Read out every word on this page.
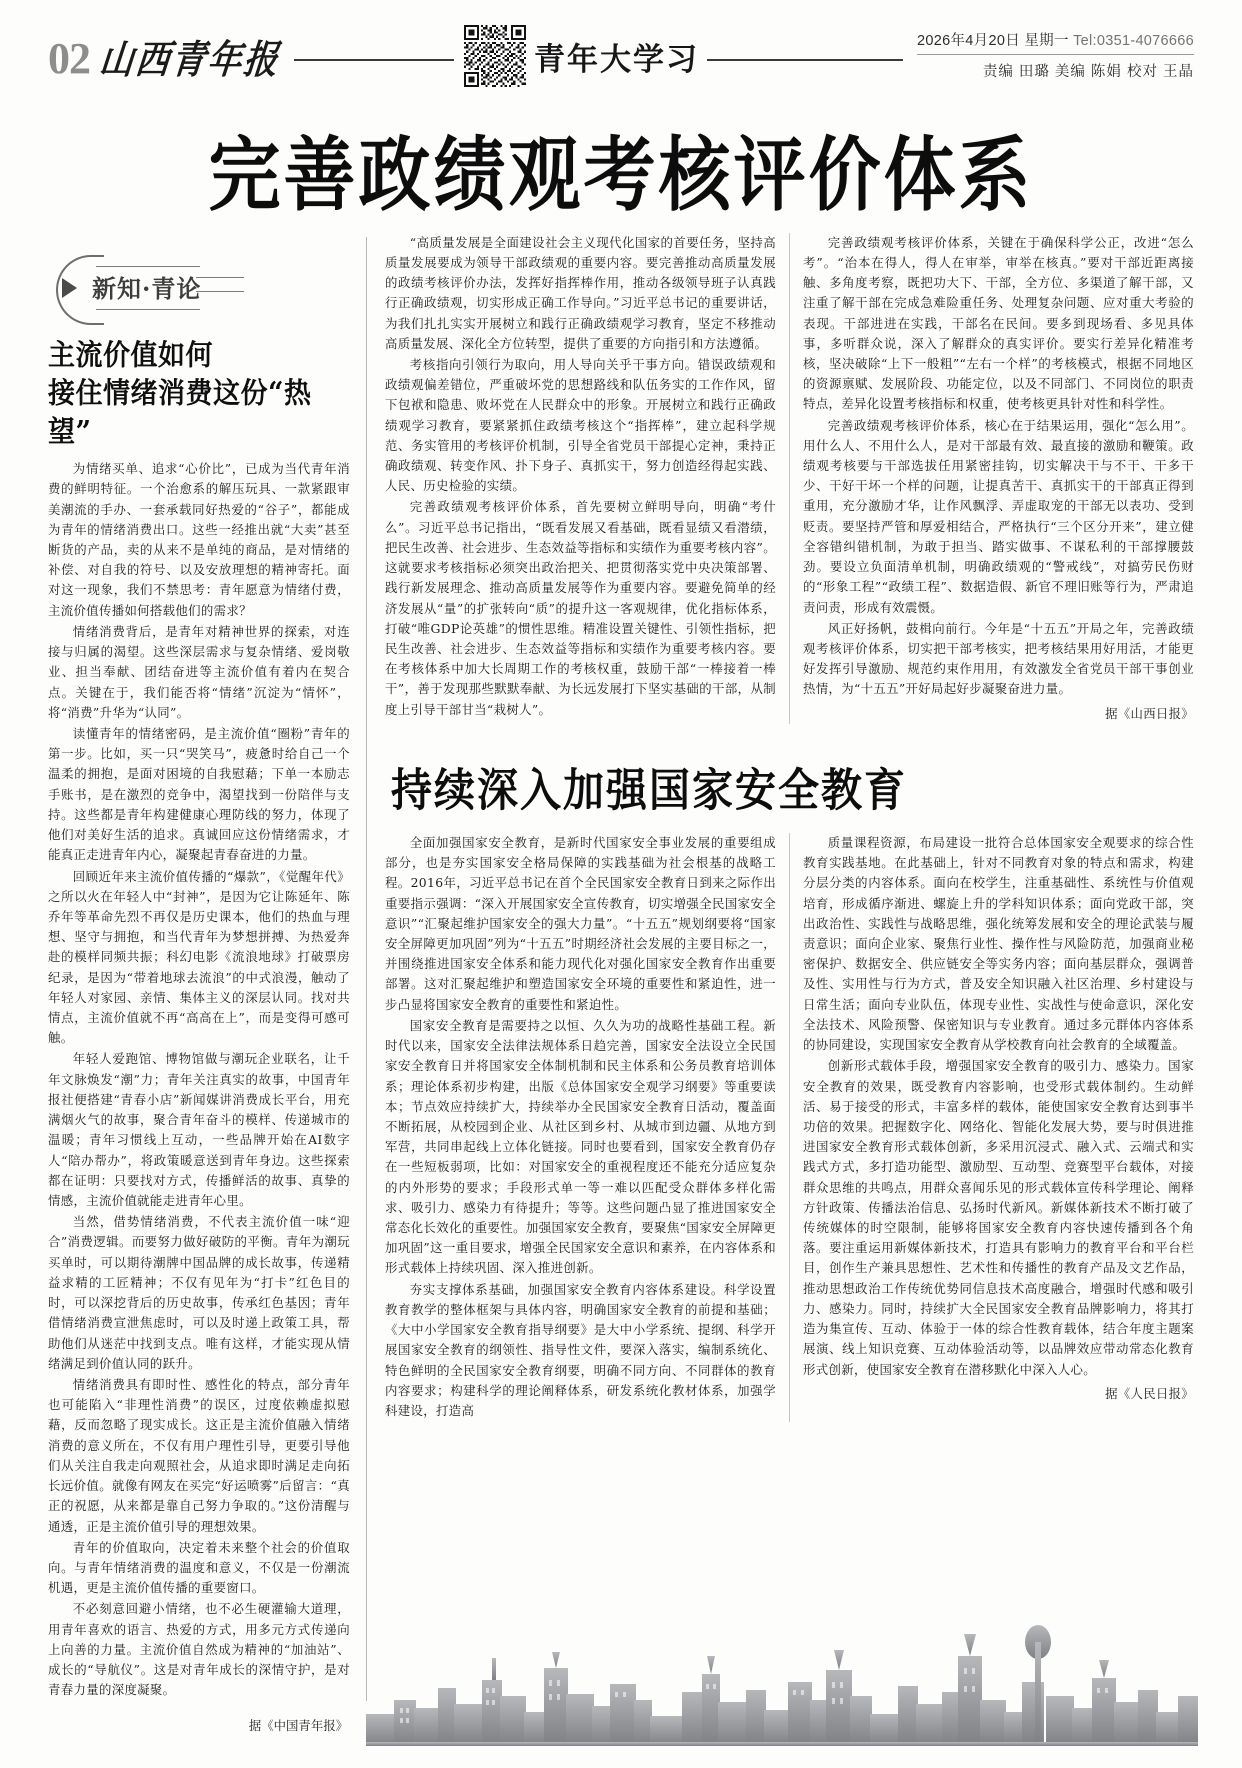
02 山西青年报	青年大学习
2026年4月20日 星期一 Tel:0351-4076666
责编 田璐 美编 陈娟 校对 王晶
完善政绩观考核评价体系
新知·青论
主流价值如何
接住情绪消费这份“热望”

为情绪买单、追求“心价比”，已成为当代青年消费的鲜明特征。一个治愈系的解压玩具、一款紧跟审美潮流的手办、一套承载同好热爱的“谷子”，都能成为青年的情绪消费出口。这些一经推出就“大卖”甚至断货的产品，卖的从来不是单纯的商品，是对情绪的补偿、对自我的符号、以及安放理想的精神寄托。面对这一现象，我们不禁思考：青年愿意为情绪付费，主流价值传播如何搭载他们的需求？

情绪消费背后，是青年对精神世界的探索，对连接与归属的渴望。这些深层需求与复杂情绪、爱岗敬业、担当奉献、团结奋进等主流价值有着内在契合点。关键在于，我们能否将“情绪”沉淀为“情怀”，将“消费”升华为“认同”。

读懂青年的情绪密码，是主流价值“圈粉”青年的第一步。比如，买一只“哭笑马”，疲惫时给自己一个温柔的拥抱，是面对困境的自我慰藉；下单一本励志手账书，是在激烈的竞争中，渴望找到一份陪伴与支持。这些都是青年构建健康心理防线的努力，体现了他们对美好生活的追求。真诚回应这份情绪需求，才能真正走进青年内心，凝聚起青春奋进的力量。

回顾近年来主流价值传播的“爆款”，《觉醒年代》之所以火在年轻人中“封神”，是因为它让陈延年、陈乔年等革命先烈不再仅是历史课本，他们的热血与理想、坚守与拥抱，和当代青年为梦想拼搏、为热爱奔赴的模样同频共振；科幻电影《流浪地球》打破票房纪录，是因为“带着地球去流浪”的中式浪漫，触动了年轻人对家园、亲情、集体主义的深层认同。找对共情点，主流价值就不再“高高在上”，而是变得可感可触。

年轻人爱跑馆、博物馆做与潮玩企业联名，让千年文脉焕发“潮”力；青年关注真实的故事，中国青年报社便搭建“青春小店”新闻媒讲消费成长平台，用充满烟火气的故事，聚合青年奋斗的模样、传递城市的温暖；青年习惯线上互动，一些品牌开始在AI数字人“陪办帮办”，将政策暖意送到青年身边。这些探索都在证明：只要找对方式，传播鲜活的故事、真挚的情感，主流价值就能走进青年心里。

当然，借势情绪消费，不代表主流价值一味“迎合”消费逻辑。而要努力做好破防的平衡。青年为潮玩买单时，可以期待潮牌中国品牌的成长故事，传递精益求精的工匠精神；不仅有见年为“打卡”红色目的时，可以深挖背后的历史故事，传承红色基因；青年借情绪消费宣泄焦虑时，可以及时递上政策工具，帮助他们从迷茫中找到支点。唯有这样，才能实现从情绪满足到价值认同的跃升。

情绪消费具有即时性、感性化的特点，部分青年也可能陷入“非理性消费”的误区，过度依赖虚拟慰藉，反而忽略了现实成长。这正是主流价值融入情绪消费的意义所在，不仅有用户理性引导，更要引导他们从关注自我走向观照社会，从追求即时满足走向拓长远价值。就像有网友在买完“好运喷雾”后留言：“真正的祝愿，从来都是靠自己努力争取的。”这份清醒与通透，正是主流价值引导的理想效果。

青年的价值取向，决定着未来整个社会的价值取向。与青年情绪消费的温度和意义，不仅是一份潮流机遇，更是主流价值传播的重要窗口。

不必刻意回避小情绪，也不必生硬灌输大道理，用青年喜欢的语言、热爱的方式，用多元方式传递向上向善的力量。主流价值自然成为精神的“加油站”、成长的“导航仪”。这是对青年成长的深情守护，是对青春力量的深度凝聚。

“高质量发展是全面建设社会主义现代化国家的首要任务，坚持高质量发展要成为领导干部政绩观的重要内容。要完善推动高质量发展的政绩考核评价办法，发挥好指挥棒作用，推动各级领导班子认真践行正确政绩观，切实形成正确工作导向。”习近平总书记的重要讲话，为我们扎扎实实开展树立和践行正确政绩观学习教育，坚定不移推动高质量发展、深化全方位转型，提供了重要的方向指引和方法遵循。

考核指向引领行为取向，用人导向关乎干事方向。错误政绩观和政绩观偏差错位，严重破坏党的思想路线和队伍务实的工作作风，留下包袱和隐患、败坏党在人民群众中的形象。开展树立和践行正确政绩观学习教育，要紧紧抓住政绩考核这个“指挥棒”，建立起科学规范、务实管用的考核评价机制，引导全省党员干部提心定神，秉持正确政绩观、转变作风、扑下身子、真抓实干，努力创造经得起实践、人民、历史检验的实绩。

完善政绩观考核评价体系，首先要树立鲜明导向，明确“考什么”。习近平总书记指出，“既看发展又看基础，既看显绩又看潜绩，把民生改善、社会进步、生态效益等指标和实绩作为重要考核内容”。这就要求考核指标必须突出政治把关、把贯彻落实党中央决策部署、践行新发展理念、推动高质量发展等作为重要内容。要避免简单的经济发展从“量”的扩张转向“质”的提升这一客观规律，优化指标体系，打破“唯GDP论英雄”的惯性思维。精准设置关键性、引领性指标，把民生改善、社会进步、生态效益等指标和实绩作为重要考核内容。要在考核体系中加大长周期工作的考核权重，鼓励干部“一棒接着一棒干”，善于发现那些默默奉献、为长远发展打下坚实基础的干部，从制度上引导干部甘当“栽树人”。

完善政绩观考核评价体系，关键在于确保科学公正，改进“怎么考”。“治本在得人，得人在审举，审举在核真。”要对干部近距离接触、多角度考察，既把功大下、干部，全方位、多渠道了解干部，又注重了解干部在完成急难险重任务、处理复杂问题、应对重大考验的表现。干部进进在实践，干部名在民间。要多到现场看、多见具体事，多听群众说，深入了解群众的真实评价。要实行差异化精准考核，坚决破除“上下一般粗”“左右一个样”的考核模式，根据不同地区的资源禀赋、发展阶段、功能定位，以及不同部门、不同岗位的职责特点，差异化设置考核指标和权重，使考核更具针对性和科学性。

完善政绩观考核评价体系，核心在于结果运用，强化“怎么用”。用什么人、不用什么人，是对干部最有效、最直接的激励和鞭策。政绩观考核要与干部选拔任用紧密挂钩，切实解决干与不干、干多干少、干好干坏一个样的问题，让提真苦干、真抓实干的干部真正得到重用，充分激励才华，让作风飘浮、弄虚取宠的干部无以表功、受到贬责。要坚持严管和厚爱相结合，严格执行“三个区分开来”，建立健全容错纠错机制，为敢于担当、踏实做事、不谋私利的干部撑腰鼓劲。要设立负面清单机制，明确政绩观的“警戒线”，对搞劳民伤财的“形象工程”“政绩工程”、数据造假、新官不理旧账等行为，严肃追责问责，形成有效震慑。

风正好扬帆，鼓楫向前行。今年是“十五五”开局之年，完善政绩观考核评价体系，切实把干部考核实，把考核结果用好用活，才能更好发挥引导激励、规范约束作用用，有效激发全省党员干部干事创业热情，为“十五五”开好局起好步凝聚奋进力量。

据《山西日报》
持续深入加强国家安全教育

全面加强国家安全教育，是新时代国家安全事业发展的重要组成部分，也是夯实国家安全格局保障的实践基础为社会根基的战略工程。2016年，习近平总书记在首个全民国家安全教育日到来之际作出重要指示强调：“深入开展国家安全宣传教育，切实增强全民国家安全意识”“汇聚起维护国家安全的强大力量”。“十五五”规划纲要将“国家安全屏障更加巩固”列为“十五五”时期经济社会发展的主要目标之一，并围绕推进国家安全体系和能力现代化对强化国家安全教育作出重要部署。这对汇聚起维护和塑造国家安全环境的重要性和紧迫性，进一步凸显将国家安全教育的重要性和紧迫性。

国家安全教育是需要持之以恒、久久为功的战略性基础工程。新时代以来，国家安全法律法规体系日趋完善，国家安全法设立全民国家安全教育日并将国家安全体制机制和民主体系和公务员教育培训体系；理论体系初步构建，出版《总体国家安全观学习纲要》等重要读本；节点效应持续扩大，持续举办全民国家安全教育日活动，覆盖面不断拓展，从校园到企业、从社区到乡村、从城市到边疆、从地方到军营，共同串起线上立体化链接。同时也要看到，国家安全教育仍存在一些短板弱项，比如：对国家安全的重视程度还不能充分适应复杂的内外形势的要求；手段形式单一等一难以匹配受众群体多样化需求、吸引力、感染力有待提升；等等。这些问题凸显了推进国家安全常态化长效化的重要性。加强国家安全教育，要聚焦“国家安全屏障更加巩固”这一重目要求，增强全民国家安全意识和素养，在内容体系和形式载体上持续巩固、深入推进创新。

夯实支撑体系基础，加强国家安全教育内容体系建设。科学设置教育教学的整体框架与具体内容，明确国家安全教育的前提和基础；《大中小学国家安全教育指导纲要》是大中小学系统、提纲、科学开展国家安全教育的纲领性、指导性文件，要深入落实，编制系统化、特色鲜明的全民国家安全教育纲要，明确不同方向、不同群体的教育内容要求；构建科学的理论阐释体系，研发系统化教材体系，加强学科建设，打造高

质量课程资源，布局建设一批符合总体国家安全观要求的综合性教育实践基地。在此基础上，针对不同教育对象的特点和需求，构建分层分类的内容体系。面向在校学生，注重基础性、系统性与价值观培育，形成循序渐进、螺旋上升的学科知识体系；面向党政干部，突出政治性、实践性与战略思维，强化统筹发展和安全的理论武装与履责意识；面向企业家、聚焦行业性、操作性与风险防范，加强商业秘密保护、数据安全、供应链安全等实务内容；面向基层群众，强调普及性、实用性与行为方式，普及安全知识融入社区治理、乡村建设与日常生活；面向专业队伍，体现专业性、实战性与使命意识，深化安全法技术、风险预警、保密知识与专业教育。通过多元群体内容体系的协同建设，实现国家安全教育从学校教育向社会教育的全域覆盖。

创新形式载体手段，增强国家安全教育的吸引力、感染力。国家安全教育的效果，既受教育内容影响，也受形式载体制约。生动鲜活、易于接受的形式，丰富多样的载体，能使国家安全教育达到事半功倍的效果。把握数字化、网络化、智能化发展大势，要与时俱进推进国家安全教育形式载体创新，多采用沉浸式、融入式、云端式和实践式方式，多打造功能型、激励型、互动型、竞赛型平台载体，对接群众思维的共鸣点，用群众喜闻乐见的形式载体宣传科学理论、阐释方针政策、传播法治信息、弘扬时代新风。新媒体新技术不断打破了传统媒体的时空限制，能够将国家安全教育内容快速传播到各个角落。要注重运用新媒体新技术，打造具有影响力的教育平台和平台栏目，创作生产兼具思想性、艺术性和传播性的教育产品及文艺作品，推动思想政治工作传统优势同信息技术高度融合，增强时代感和吸引力、感染力。同时，持续扩大全民国家安全教育品牌影响力，将其打造为集宣传、互动、体验于一体的综合性教育载体，结合年度主题案展演、线上知识竞赛、互动体验活动等，以品牌效应带动常态化教育形式创新，使国家安全教育在潜移默化中深入人心。

据《人民日报》
据《中国青年报》
